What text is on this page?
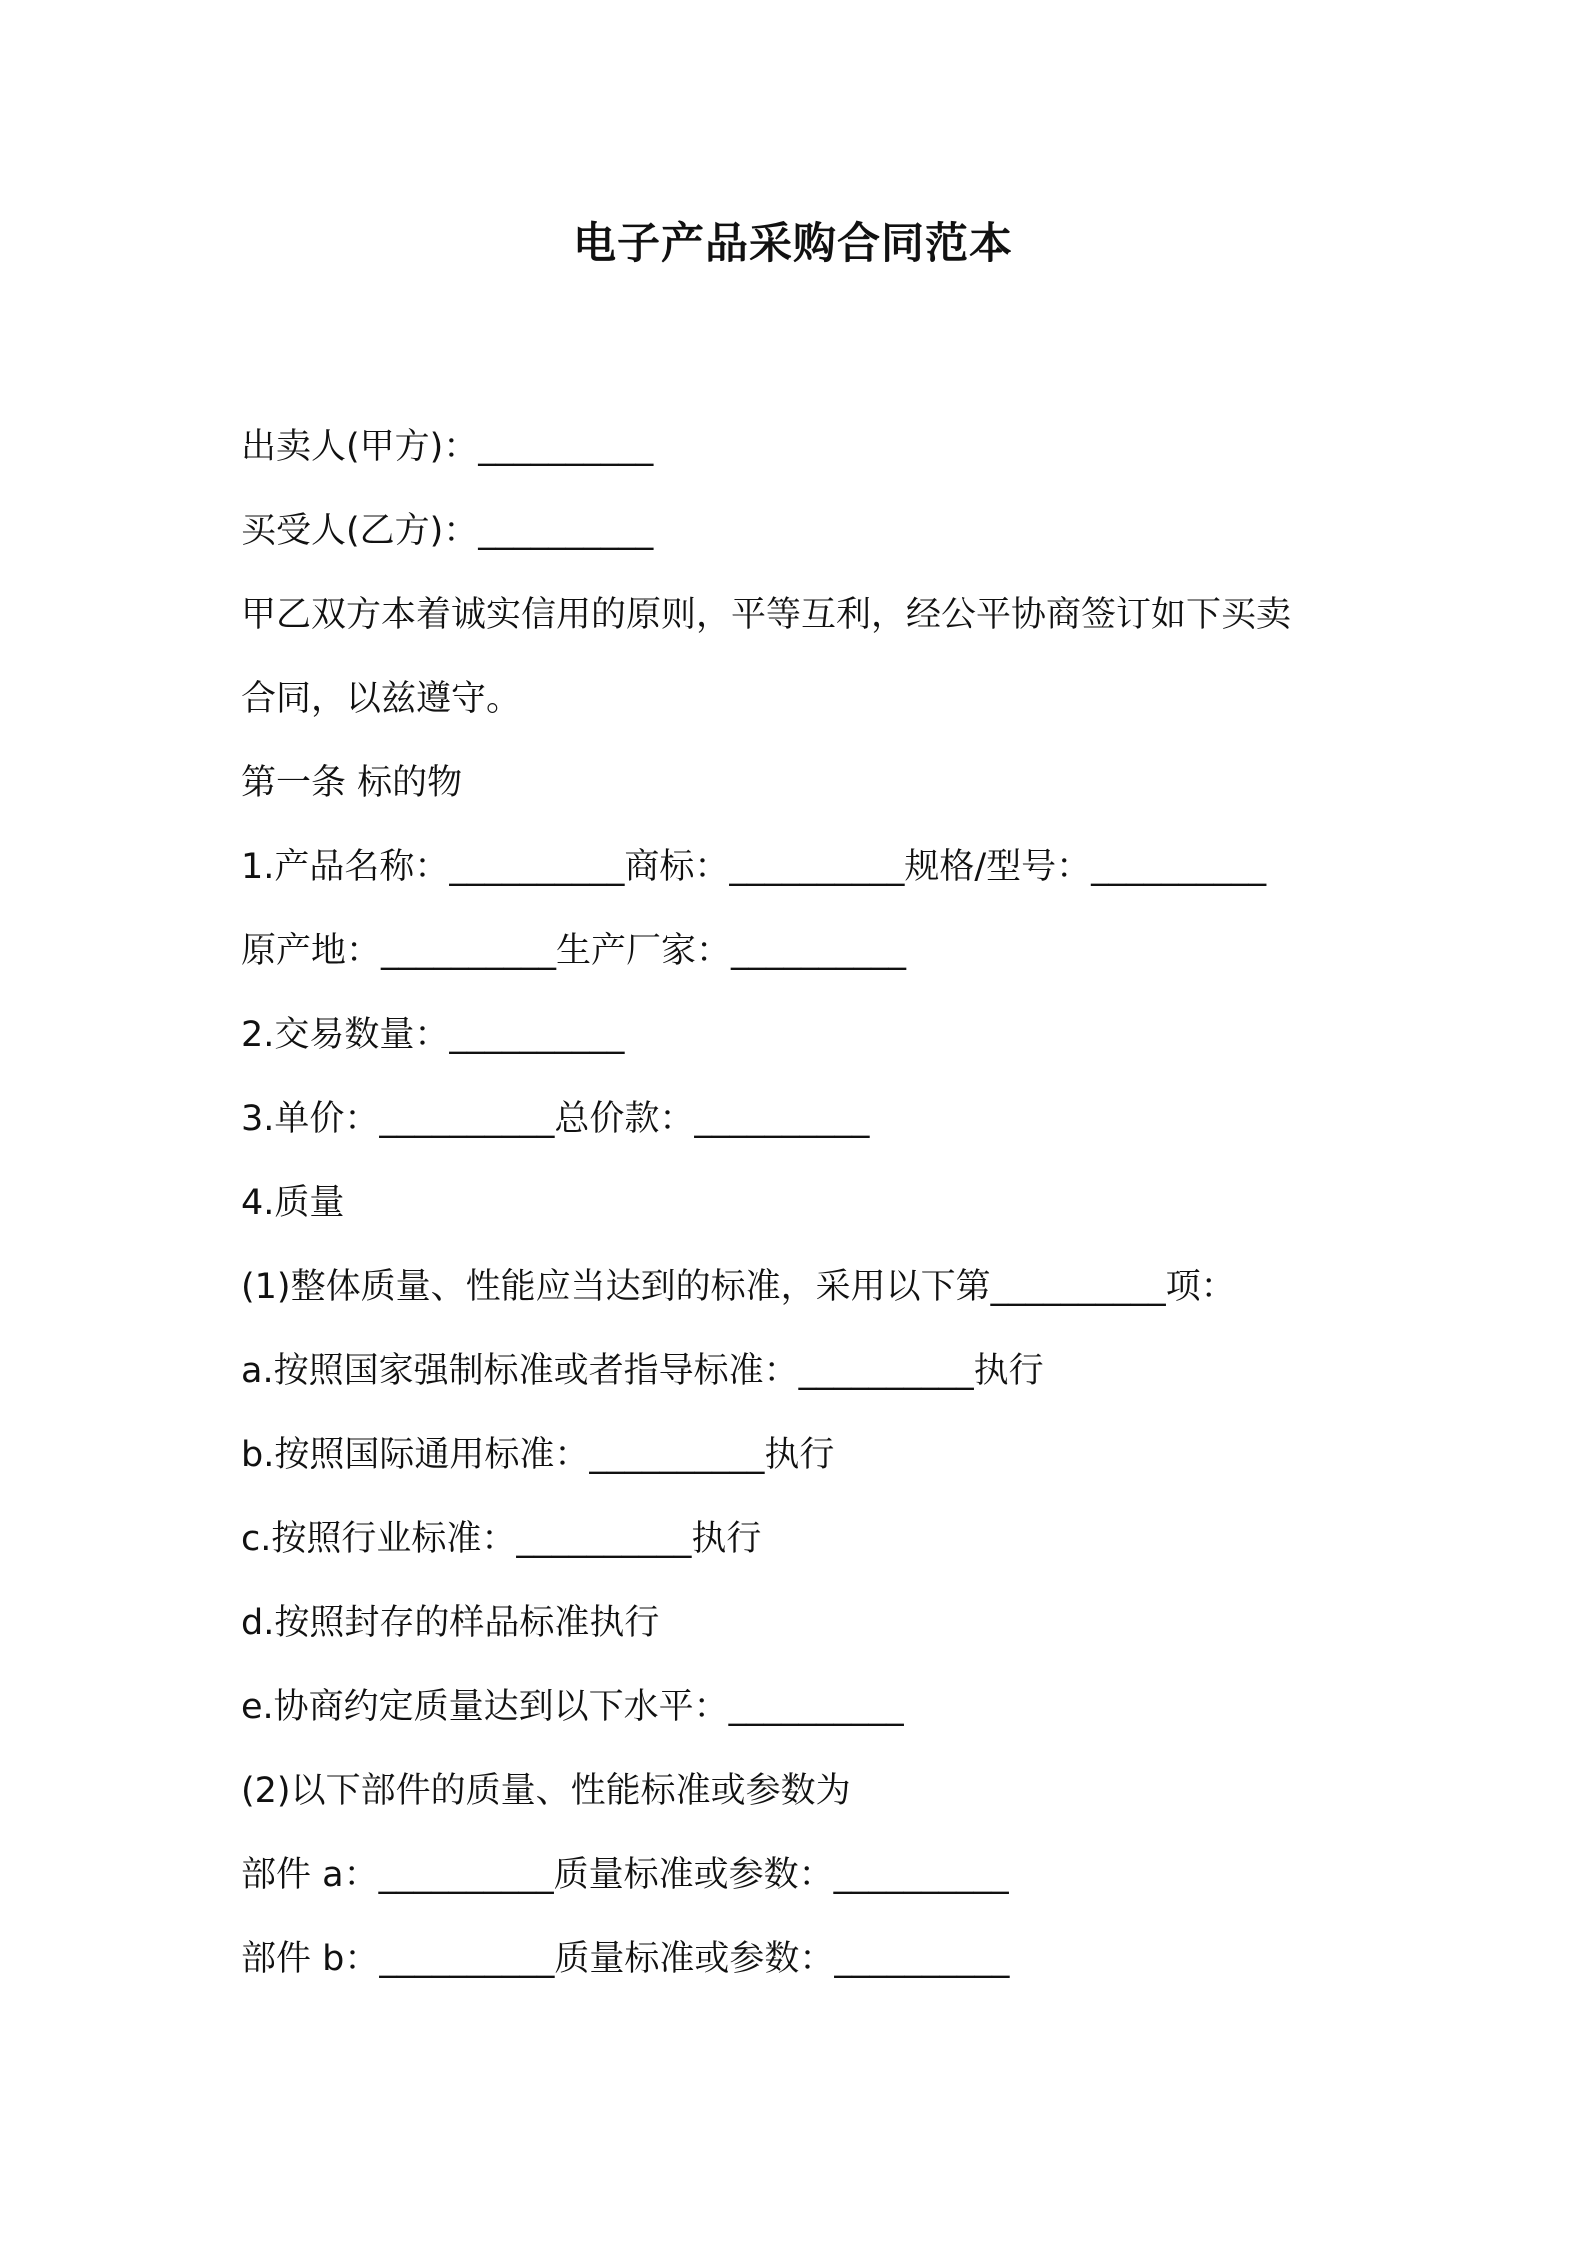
电子产品采购合同范本
出卖人(甲方)：__________
买受人(乙方)：__________
甲乙双方本着诚实信用的原则，平等互利，经公平协商签订如下买卖
合同，以兹遵守。
第一条 标的物
1.产品名称：__________商标：__________规格/型号：__________
原产地：__________生产厂家：__________
2.交易数量：__________
3.单价：__________总价款：__________
4.质量
(1)整体质量、性能应当达到的标准，采用以下第__________项：
a.按照国家强制标准或者指导标准：__________执行
b.按照国际通用标准：__________执行
c.按照行业标准：__________执行
d.按照封存的样品标准执行
e.协商约定质量达到以下水平：__________
(2)以下部件的质量、性能标准或参数为
部件 a：__________质量标准或参数：__________
部件 b：__________质量标准或参数：__________
